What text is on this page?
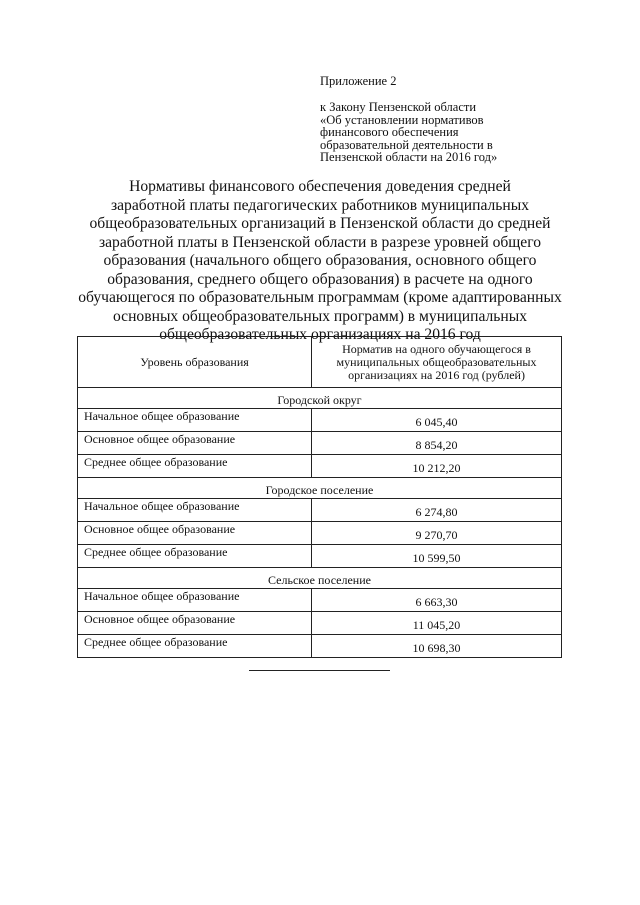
Приложение 2
к Закону Пензенской области
«Об установлении нормативов
финансового обеспечения
образовательной деятельности в
Пензенской области на 2016 год»
Нормативы финансового обеспечения доведения средней
заработной платы педагогических работников муниципальных
общеобразовательных организаций в Пензенской области до средней
заработной платы в Пензенской области в разрезе уровней общего
образования (начального общего образования, основного общего
образования, среднего общего образования) в расчете на одного
обучающегося по образовательным программам (кроме адаптированных
основных общеобразовательных программ) в муниципальных
общеобразовательных организациях на 2016 год
Уровень образования	Норматив на одного обучающегося в
муниципальных общеобразовательных
организациях на 2016 год (рублей)

Городской округ	
Начальное общее образование	6 045,40
Основное общее образование	8 854,20
Среднее общее образование	10 212,20
Городское поселение	
Начальное общее образование	6 274,80
Основное общее образование	9 270,70
Среднее общее образование	10 599,50
Сельское поселение	
Начальное общее образование	6 663,30
Основное общее образование	11 045,20
Среднее общее образование	10 698,30
